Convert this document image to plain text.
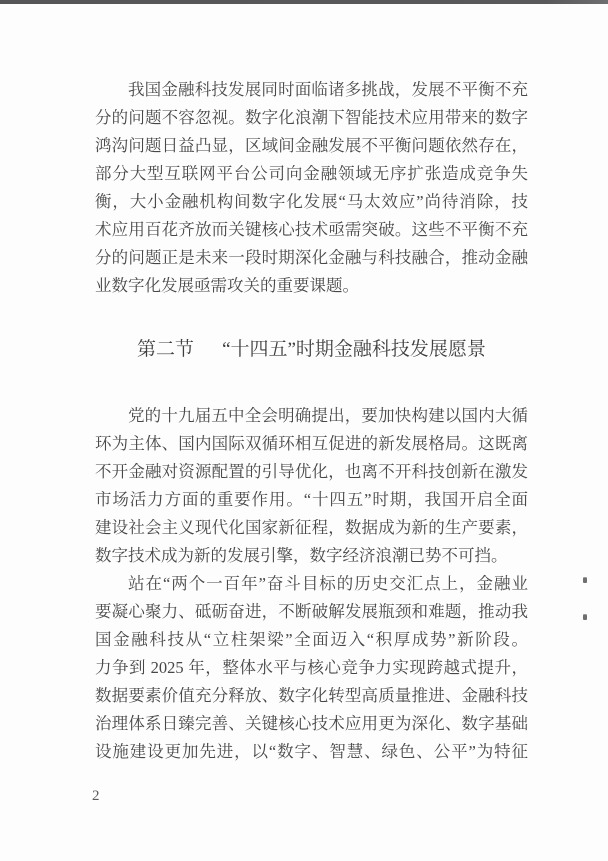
我国金融科技发展同时面临诸多挑战，发展不平衡不充
分的问题不容忽视。数字化浪潮下智能技术应用带来的数字
鸿沟问题日益凸显，区域间金融发展不平衡问题依然存在，
部分大型互联网平台公司向金融领域无序扩张造成竞争失
衡，大小金融机构间数字化发展“马太效应”尚待消除，技
术应用百花齐放而关键核心技术亟需突破。这些不平衡不充
分的问题正是未来一段时期深化金融与科技融合，推动金融
业数字化发展亟需攻关的重要课题。
第二节 “十四五”时期金融科技发展愿景
党的十九届五中全会明确提出，要加快构建以国内大循
环为主体、国内国际双循环相互促进的新发展格局。这既离
不开金融对资源配置的引导优化，也离不开科技创新在激发
市场活力方面的重要作用。“十四五”时期，我国开启全面
建设社会主义现代化国家新征程，数据成为新的生产要素，
数字技术成为新的发展引擎，数字经济浪潮已势不可挡。
站在“两个一百年”奋斗目标的历史交汇点上，金融业
要凝心聚力、砥砺奋进，不断破解发展瓶颈和难题，推动我
国金融科技从“立柱架梁”全面迈入“积厚成势”新阶段。
力争到 2025 年，整体水平与核心竞争力实现跨越式提升，
数据要素价值充分释放、数字化转型高质量推进、金融科技
治理体系日臻完善、关键核心技术应用更为深化、数字基础
设施建设更加先进，以“数字、智慧、绿色、公平”为特征
2
